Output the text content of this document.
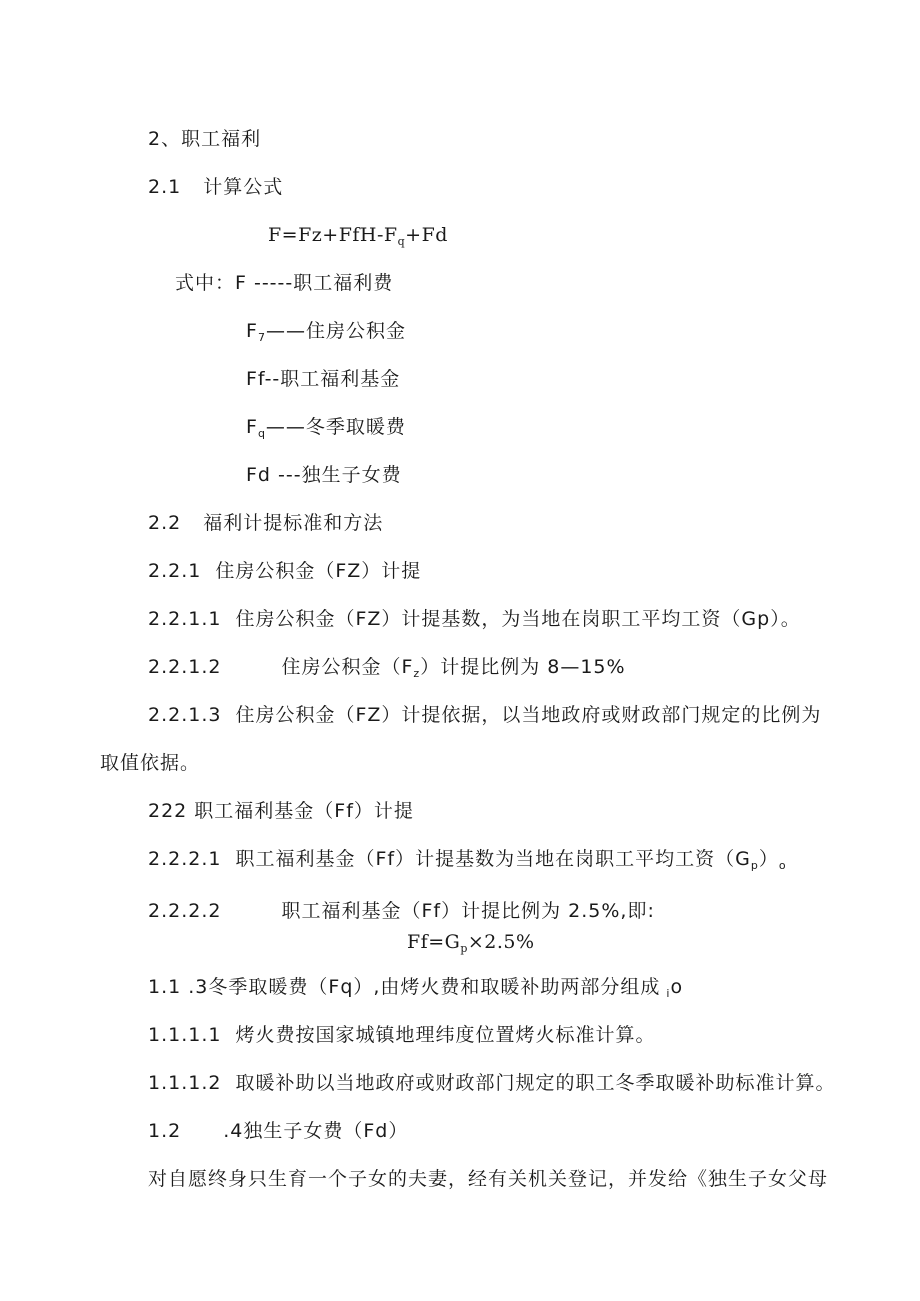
2、职工福利
2.1 计算公式
$F=Fz+FfH-F_q+Fd$
式中：F -----职工福利费
$F_7——$住房公积金
Ff--职工福利基金
$F_q——$冬季取暖费
Fd ---独生子女费
2.2 福利计提标准和方法
2.2.1 住房公积金（FZ）计提
2.2.1.1 住房公积金（FZ）计提基数，为当地在岗职工平均工资（Gp）。
2.2.1.2	住房公积金$(F_z)$计提比例为 8—15%
2.2.1.3 住房公积金（FZ）计提依据，以当地政府或财政部门规定的比例为
取值依据。
222 职工福利基金（Ff）计提
2.2.2.1 职工福利基金（Ff）计提基数为当地在岗职工平均工资$(G_p)_o$
2.2.2.2	职工福利基金（Ff）计提比例为 2.5%,即:
$Ff=G_p\times 2.5\%$
1.1 .3冬季取暖费（Fq）,由烤火费和取暖补助两部分组成 $_i$o
1.1.1.1 烤火费按国家城镇地理纬度位置烤火标准计算。
1.1.1.2 取暖补助以当地政府或财政部门规定的职工冬季取暖补助标准计算。
1.2 .4独生子女费（Fd）
对自愿终身只生育一个子女的夫妻，经有关机关登记，并发给《独生子女父母
